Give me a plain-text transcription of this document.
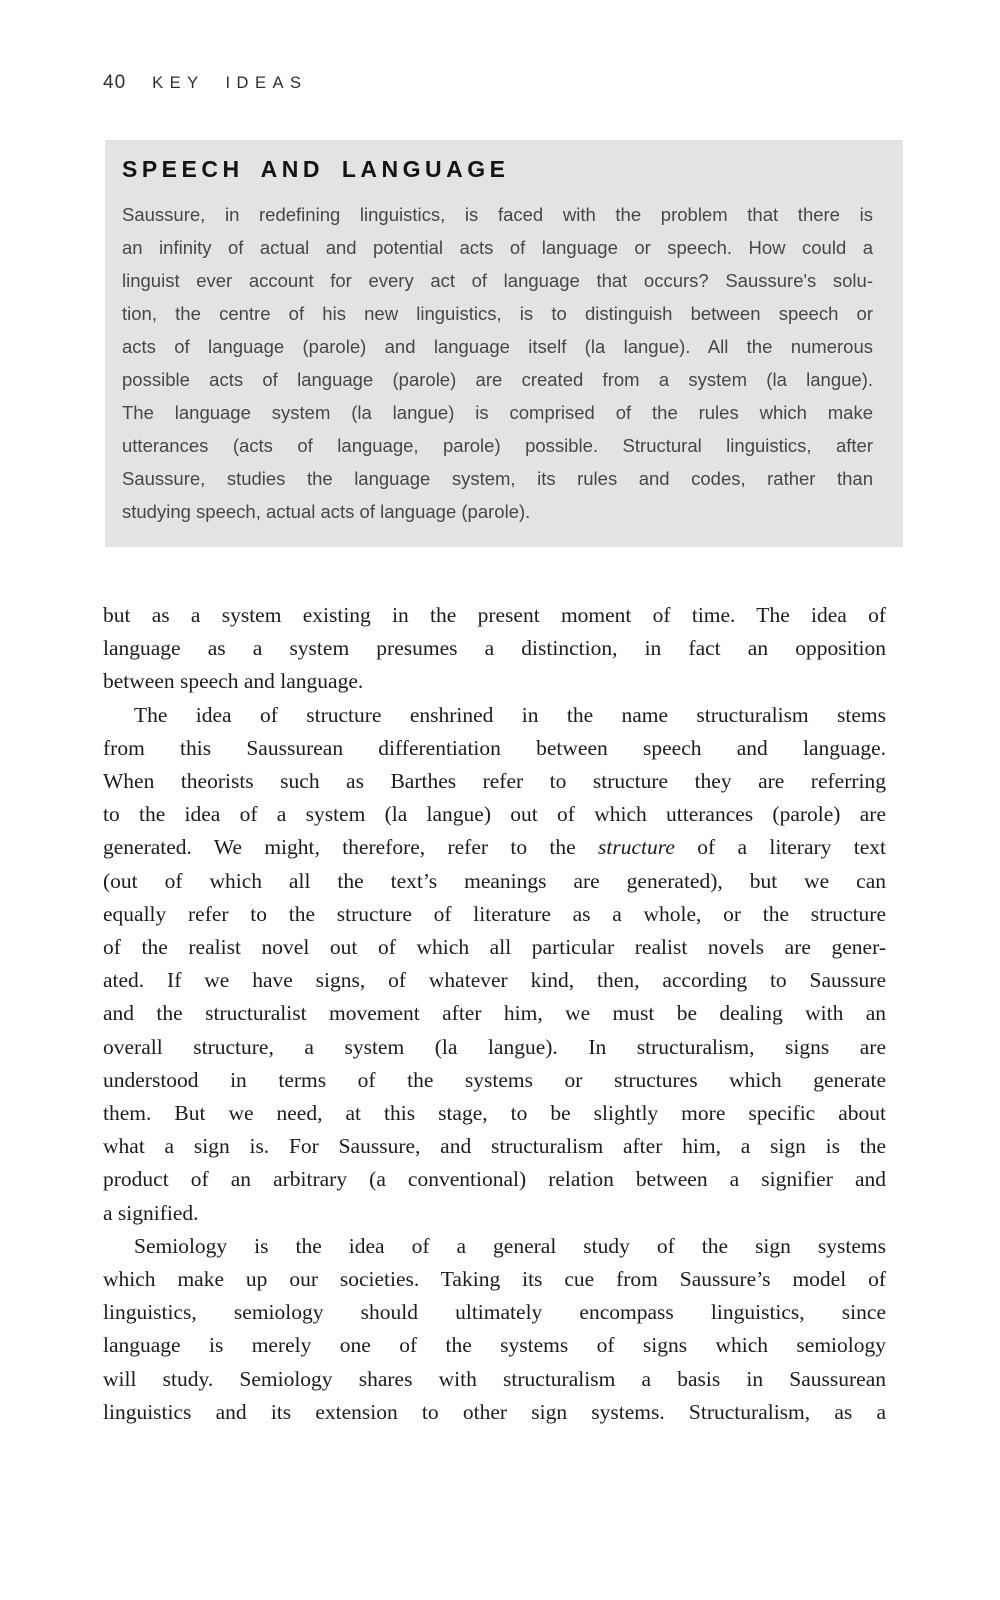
40 KEY IDEAS
SPEECH AND LANGUAGE
Saussure, in redefining linguistics, is faced with the problem that there is
an infinity of actual and potential acts of language or speech. How could a
linguist ever account for every act of language that occurs? Saussure's solu-
tion, the centre of his new linguistics, is to distinguish between speech or
acts of language (parole) and language itself (la langue). All the numerous
possible acts of language (parole) are created from a system (la langue).
The language system (la langue) is comprised of the rules which make
utterances (acts of language, parole) possible. Structural linguistics, after
Saussure, studies the language system, its rules and codes, rather than
studying speech, actual acts of language (parole).
but as a system existing in the present moment of time. The idea of
language as a system presumes a distinction, in fact an opposition
between speech and language.
The idea of structure enshrined in the name structuralism stems
from this Saussurean differentiation between speech and language.
When theorists such as Barthes refer to structure they are referring
to the idea of a system (la langue) out of which utterances (parole) are
generated. We might, therefore, refer to the structure of a literary text
(out of which all the text’s meanings are generated), but we can
equally refer to the structure of literature as a whole, or the structure
of the realist novel out of which all particular realist novels are gener-
ated. If we have signs, of whatever kind, then, according to Saussure
and the structuralist movement after him, we must be dealing with an
overall structure, a system (la langue). In structuralism, signs are
understood in terms of the systems or structures which generate
them. But we need, at this stage, to be slightly more specific about
what a sign is. For Saussure, and structuralism after him, a sign is the
product of an arbitrary (a conventional) relation between a signifier and
a signified.
Semiology is the idea of a general study of the sign systems
which make up our societies. Taking its cue from Saussure’s model of
linguistics, semiology should ultimately encompass linguistics, since
language is merely one of the systems of signs which semiology
will study. Semiology shares with structuralism a basis in Saussurean
linguistics and its extension to other sign systems. Structuralism, as a
